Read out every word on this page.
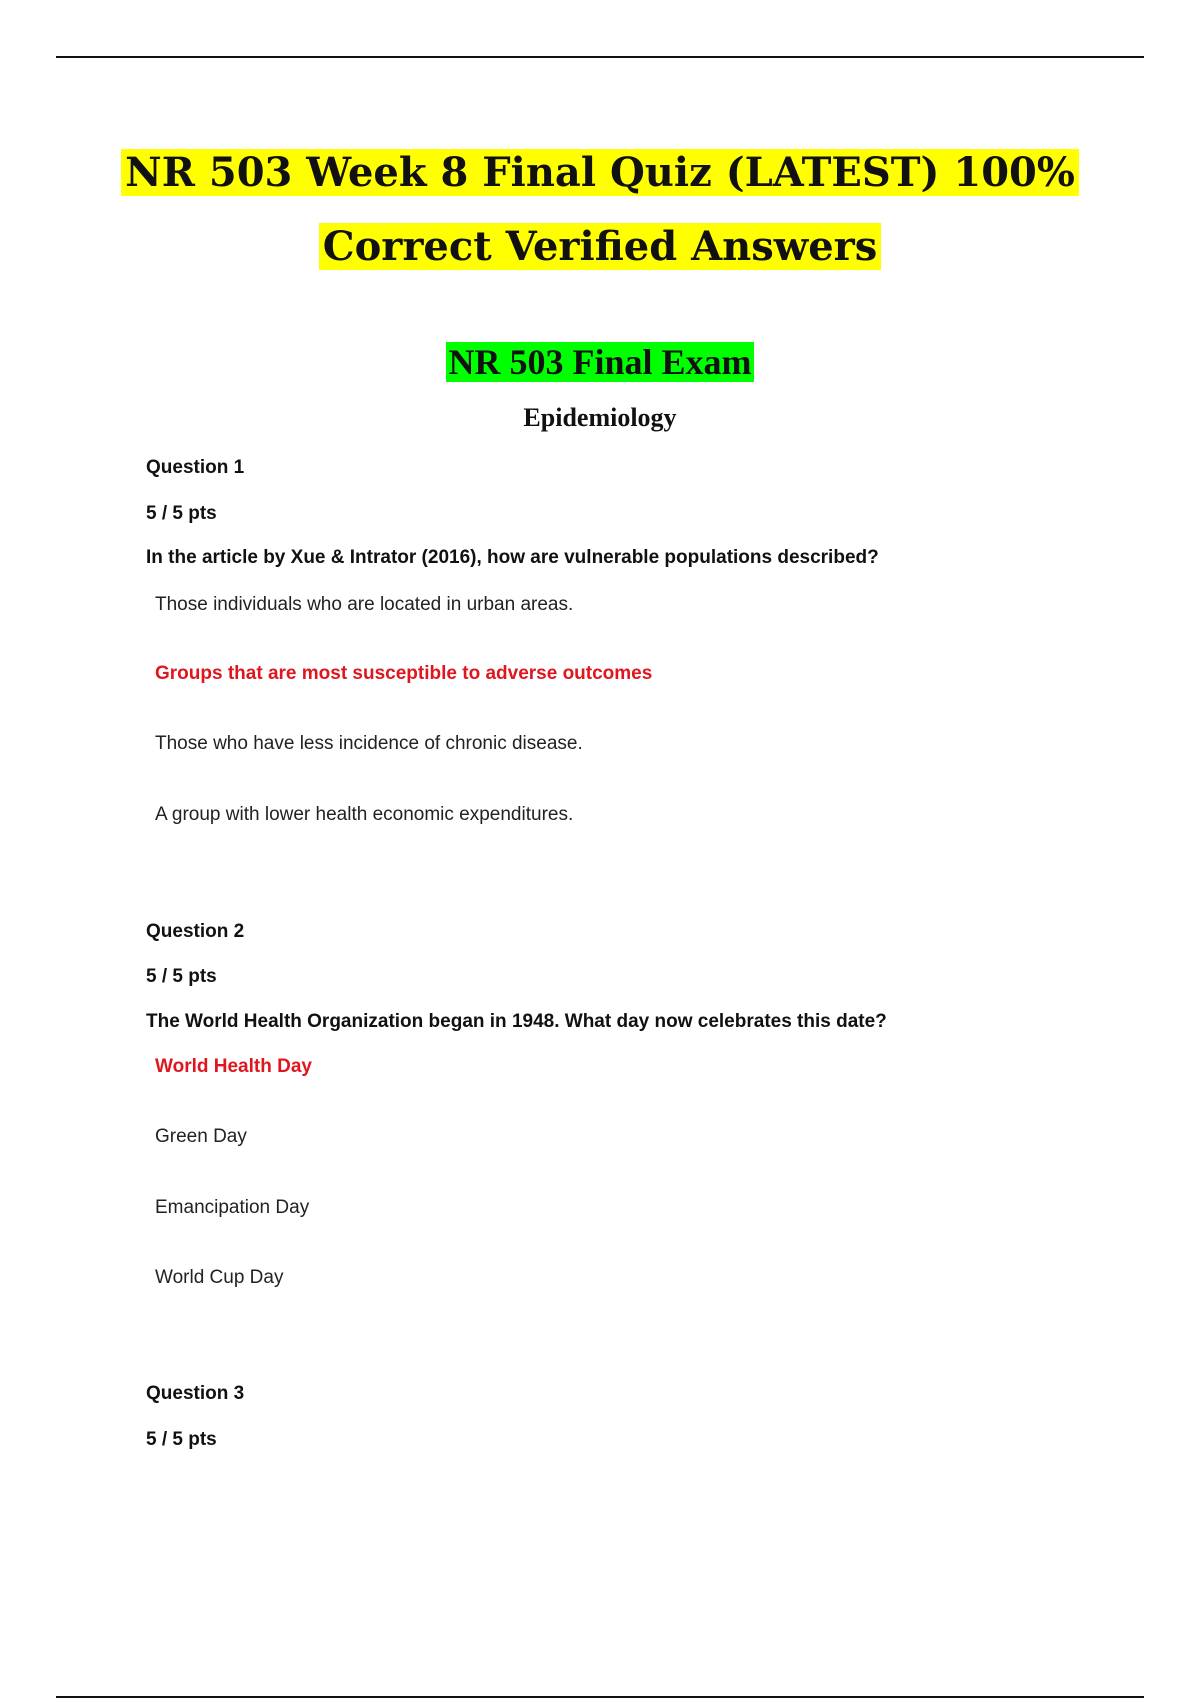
NR 503 Week 8 Final Quiz (LATEST) 100%
Correct Verified Answers
NR 503 Final Exam
Epidemiology
Question 1
5 / 5 pts
In the article by Xue & Intrator (2016), how are vulnerable populations described?
Those individuals who are located in urban areas.
Groups that are most susceptible to adverse outcomes
Those who have less incidence of chronic disease.
A group with lower health economic expenditures.
Question 2
5 / 5 pts
The World Health Organization began in 1948. What day now celebrates this date?
World Health Day
Green Day
Emancipation Day
World Cup Day
Question 3
5 / 5 pts
